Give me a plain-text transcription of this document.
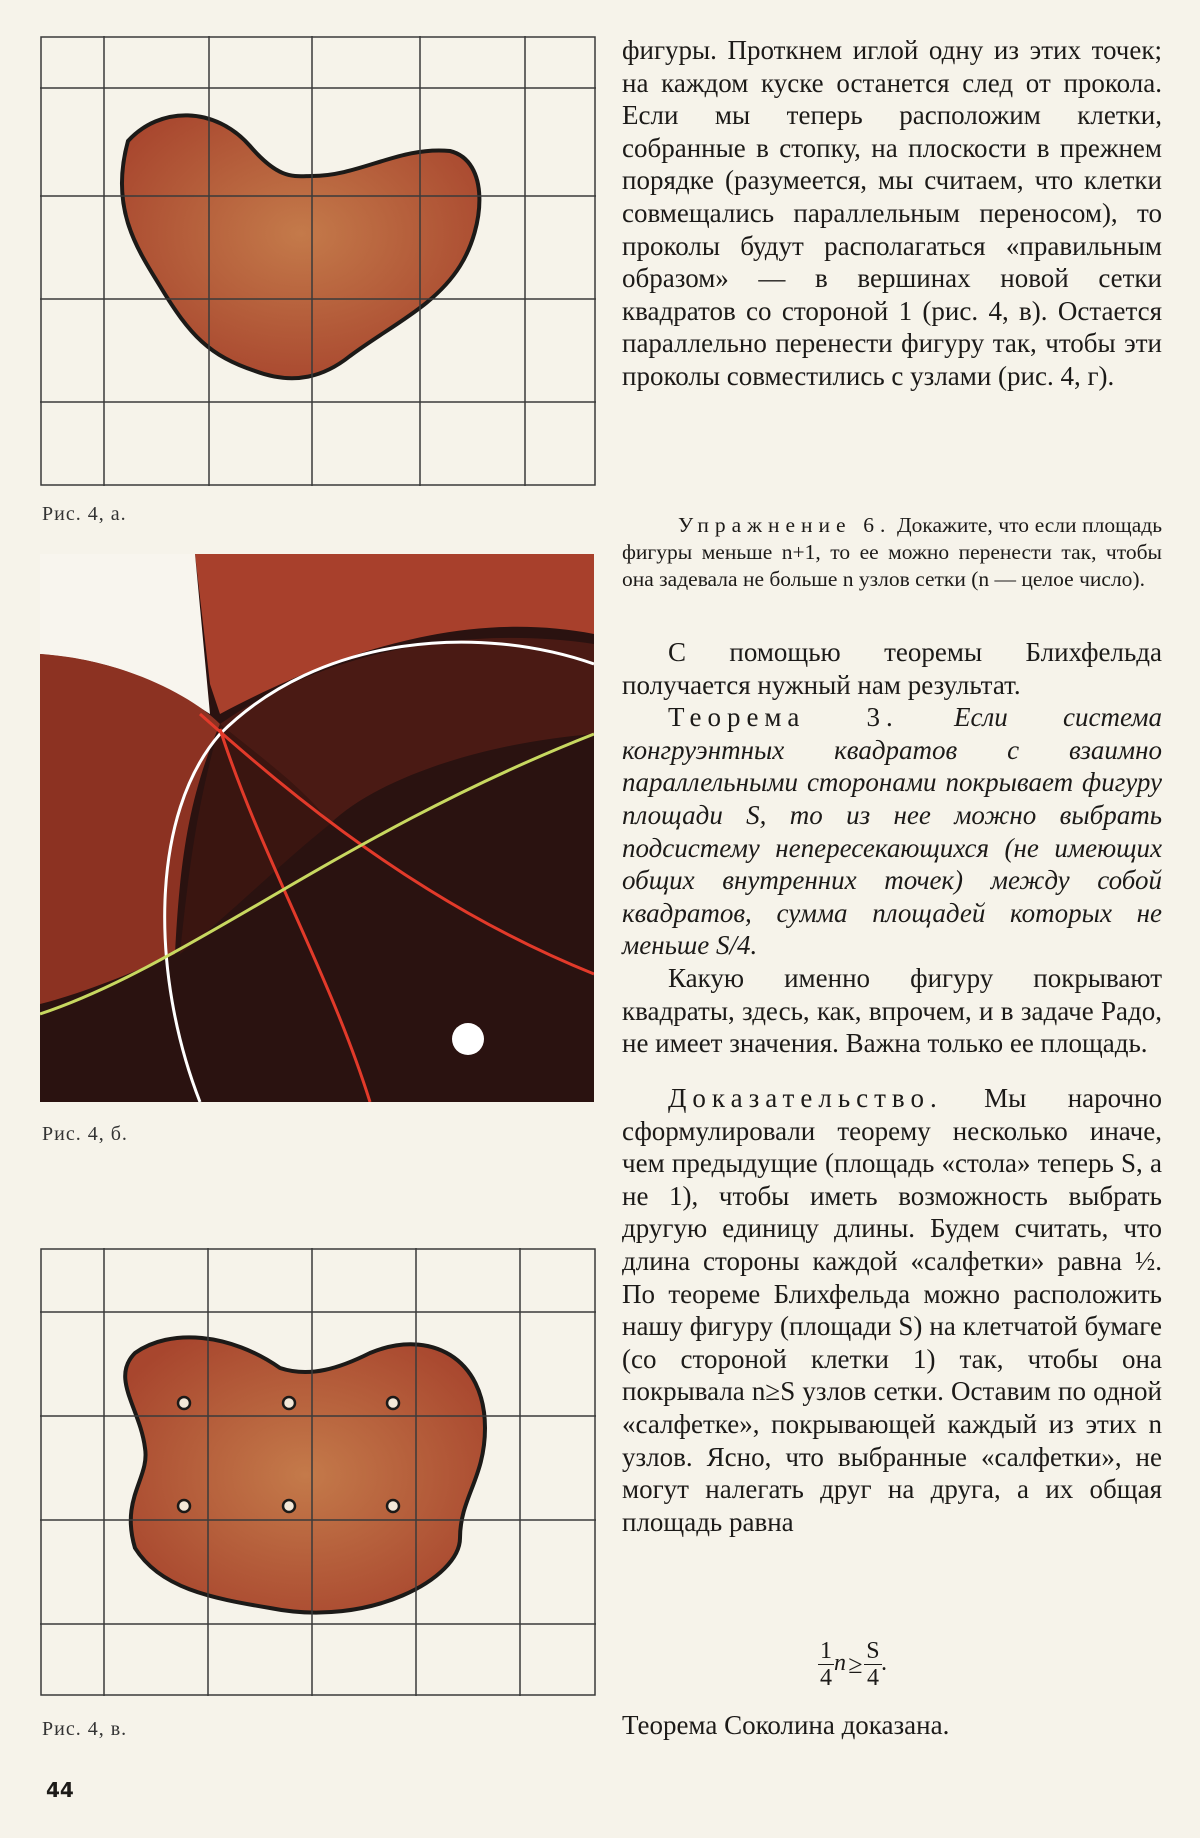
Рис. 4, а.
Рис. 4, б.
Рис. 4, в.
44

фигуры. Проткнем иглой одну из этих точек; на каждом куске останется след от прокола. Если мы теперь расположим клетки, собранные в стопку, на плоскости в прежнем порядке (разумеется, мы считаем, что клетки совмещались параллельным переносом), то проколы будут располагаться «правильным образом» — в вершинах новой сетки квадратов со стороной 1 (рис. 4, в). Остается параллельно перенести фигуру так, чтобы эти проколы совместились с узлами (рис. 4, г).

Упражнение 6. Докажите, что если площадь фигуры меньше n+1, то ее можно перенести так, чтобы она задевала не больше n узлов сетки (n — целое число).

С помощью теоремы Блихфельда получается нужный нам результат.

Теорема 3. Если система конгруэнтных квадратов с взаимно параллельными сторонами покрывает фигуру площади S, то из нее можно выбрать подсистему непересекающихся (не имеющих общих внутренних точек) между собой квадратов, сумма площадей которых не меньше S/4.

Какую именно фигуру покрывают квадраты, здесь, как, впрочем, и в задаче Радо, не имеет значения. Важна только ее площадь.

Доказательство. Мы нарочно сформулировали теорему несколько иначе, чем предыдущие (площадь «стола» теперь S, а не 1), чтобы иметь возможность выбрать другую единицу длины. Будем считать, что длина стороны каждой «салфетки» равна ½. По теореме Блихфельда можно расположить нашу фигуру (площади S) на клетчатой бумаге (со стороной клетки 1) так, чтобы она покрывала n≥S узлов сетки. Оставим по одной «салфетке», покрывающей каждый из этих n узлов. Ясно, что выбранные «салфетки», не могут налегать друг на друга, а их общая площадь равна

$\frac{1}{4} n\ge \frac{S}{4}$ .
Теорема Соколина доказана.
